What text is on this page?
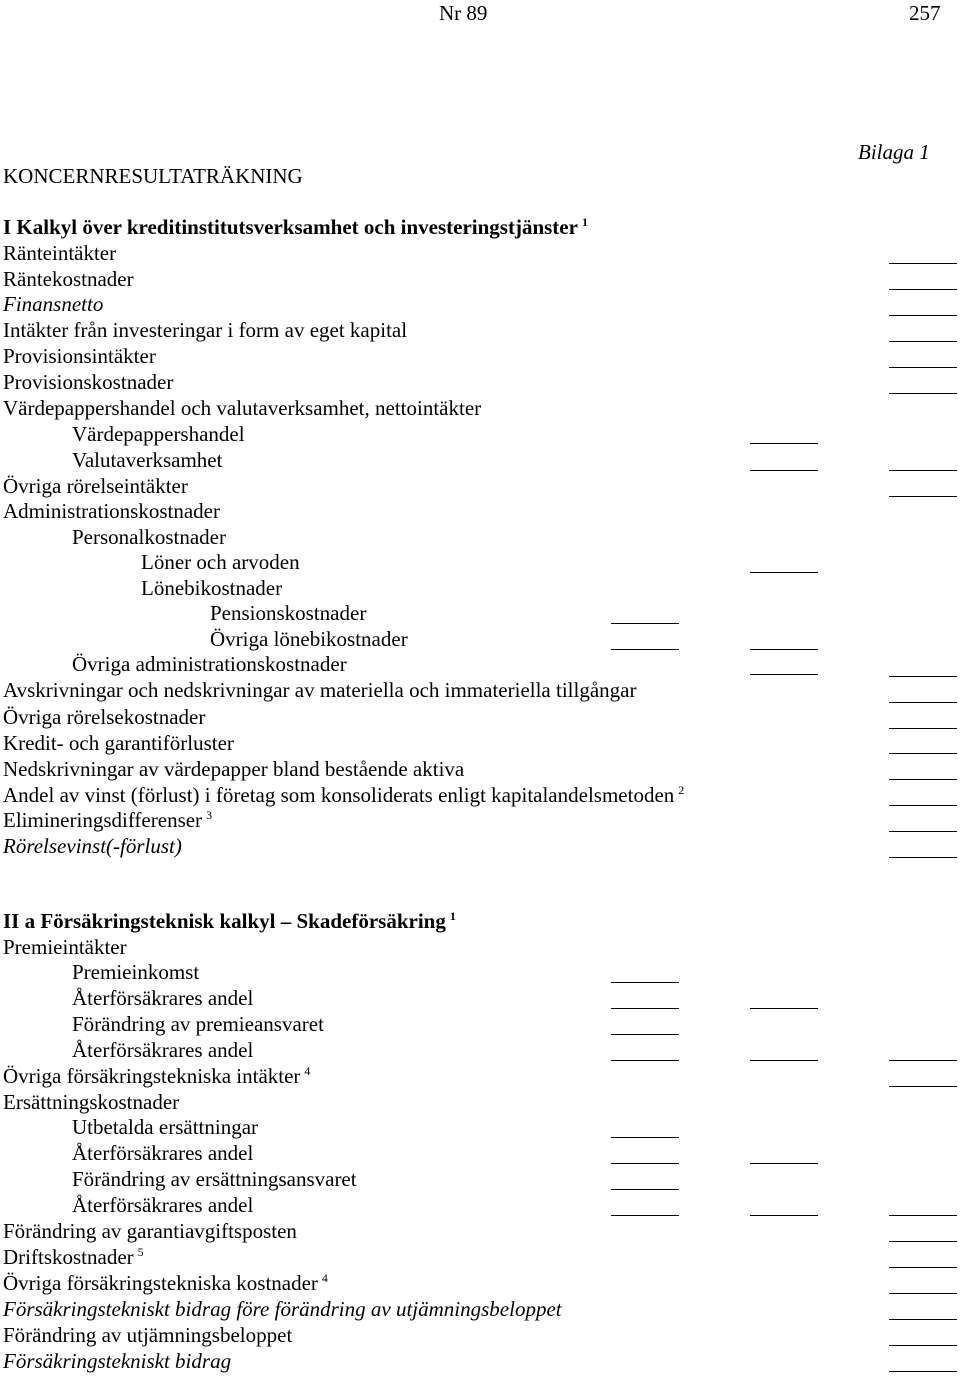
Nr 89	257
Bilaga 1
KONCERNRESULTATRÄKNING
I Kalkyl över kreditinstitutsverksamhet och investeringstjänster $^1$
Ränteintäkter
Räntekostnader
Finansnetto
Intäkter från investeringar i form av eget kapital
Provisionsintäkter
Provisionskostnader
Värdepappershandel och valutaverksamhet, nettointäkter
Värdepappershandel
Valutaverksamhet
Övriga rörelseintäkter
Administrationskostnader
Personalkostnader
Löner och arvoden
Lönebikostnader
Pensionskostnader
Övriga lönebikostnader
Övriga administrationskostnader
Avskrivningar och nedskrivningar av materiella och immateriella tillgångar
Övriga rörelsekostnader
Kredit- och garantiförluster
Nedskrivningar av värdepapper bland bestående aktiva
Andel av vinst (förlust) i företag som konsoliderats enligt kapitalandelsmetoden $^2$
Elimineringsdifferenser $^3$
Rörelsevinst(-förlust)
II a Försäkringsteknisk kalkyl – Skadeförsäkring $^1$
Premieintäkter
Premieinkomst
Återförsäkrares andel
Förändring av premieansvaret
Återförsäkrares andel
Övriga försäkringstekniska intäkter $^4$
Ersättningskostnader
Utbetalda ersättningar
Återförsäkrares andel
Förändring av ersättningsansvaret
Återförsäkrares andel
Förändring av garantiavgiftsposten
Driftskostnader $^5$
Övriga försäkringstekniska kostnader $^4$
Försäkringstekniskt bidrag före förändring av utjämningsbeloppet
Förändring av utjämningsbeloppet
Försäkringstekniskt bidrag
